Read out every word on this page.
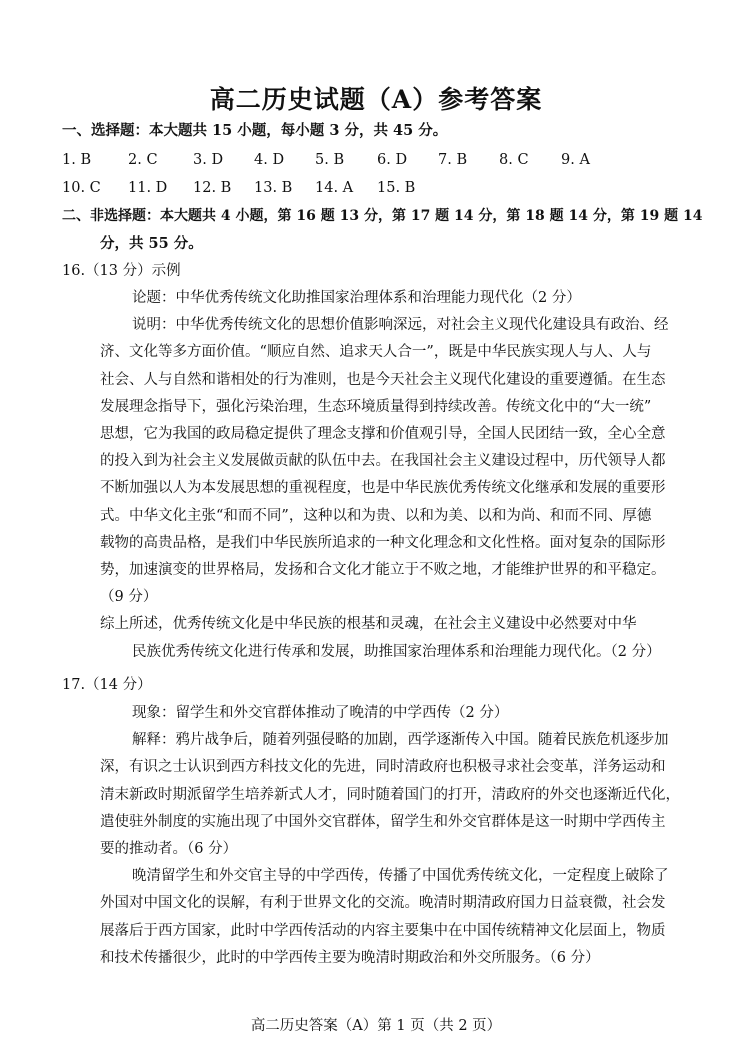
高二历史试题（A）参考答案
一、选择题：本大题共 15 小题，每小题 3 分，共 45 分。
1. B	2. C	3. D	4. D	5. B	6. D	7. B	8. C	9. A
10. C	11. D	12. B	13. B	14. A	15. B
二、非选择题：本大题共 4 小题，第 16 题 13 分，第 17 题 14 分，第 18 题 14 分，第 19 题 14
分，共 55 分。
16.（13 分）示例
论题：中华优秀传统文化助推国家治理体系和治理能力现代化（2 分）
说明：中华优秀传统文化的思想价值影响深远，对社会主义现代化建设具有政治、经
济、文化等多方面价值。“顺应自然、追求天人合一”，既是中华民族实现人与人、人与
社会、人与自然和谐相处的行为准则，也是今天社会主义现代化建设的重要遵循。在生态
发展理念指导下，强化污染治理，生态环境质量得到持续改善。传统文化中的“大一统”
思想，它为我国的政局稳定提供了理念支撑和价值观引导，全国人民团结一致，全心全意
的投入到为社会主义发展做贡献的队伍中去。在我国社会主义建设过程中，历代领导人都
不断加强以人为本发展思想的重视程度，也是中华民族优秀传统文化继承和发展的重要形
式。中华文化主张“和而不同”，这种以和为贵、以和为美、以和为尚、和而不同、厚德
载物的高贵品格，是我们中华民族所追求的一种文化理念和文化性格。面对复杂的国际形
势，加速演变的世界格局，发扬和合文化才能立于不败之地，才能维护世界的和平稳定。
（9 分）
综上所述，优秀传统文化是中华民族的根基和灵魂，在社会主义建设中必然要对中华
民族优秀传统文化进行传承和发展，助推国家治理体系和治理能力现代化。（2 分）
17.（14 分）
现象：留学生和外交官群体推动了晚清的中学西传（2 分）
解释：鸦片战争后，随着列强侵略的加剧，西学逐渐传入中国。随着民族危机逐步加
深，有识之士认识到西方科技文化的先进，同时清政府也积极寻求社会变革，洋务运动和
清末新政时期派留学生培养新式人才，同时随着国门的打开，清政府的外交也逐渐近代化，
遣使驻外制度的实施出现了中国外交官群体，留学生和外交官群体是这一时期中学西传主
要的推动者。（6 分）
晚清留学生和外交官主导的中学西传，传播了中国优秀传统文化，一定程度上破除了
外国对中国文化的误解，有利于世界文化的交流。晚清时期清政府国力日益衰微，社会发
展落后于西方国家，此时中学西传活动的内容主要集中在中国传统精神文化层面上，物质
和技术传播很少，此时的中学西传主要为晚清时期政治和外交所服务。（6 分）
高二历史答案（A）第 1 页（共 2 页）
